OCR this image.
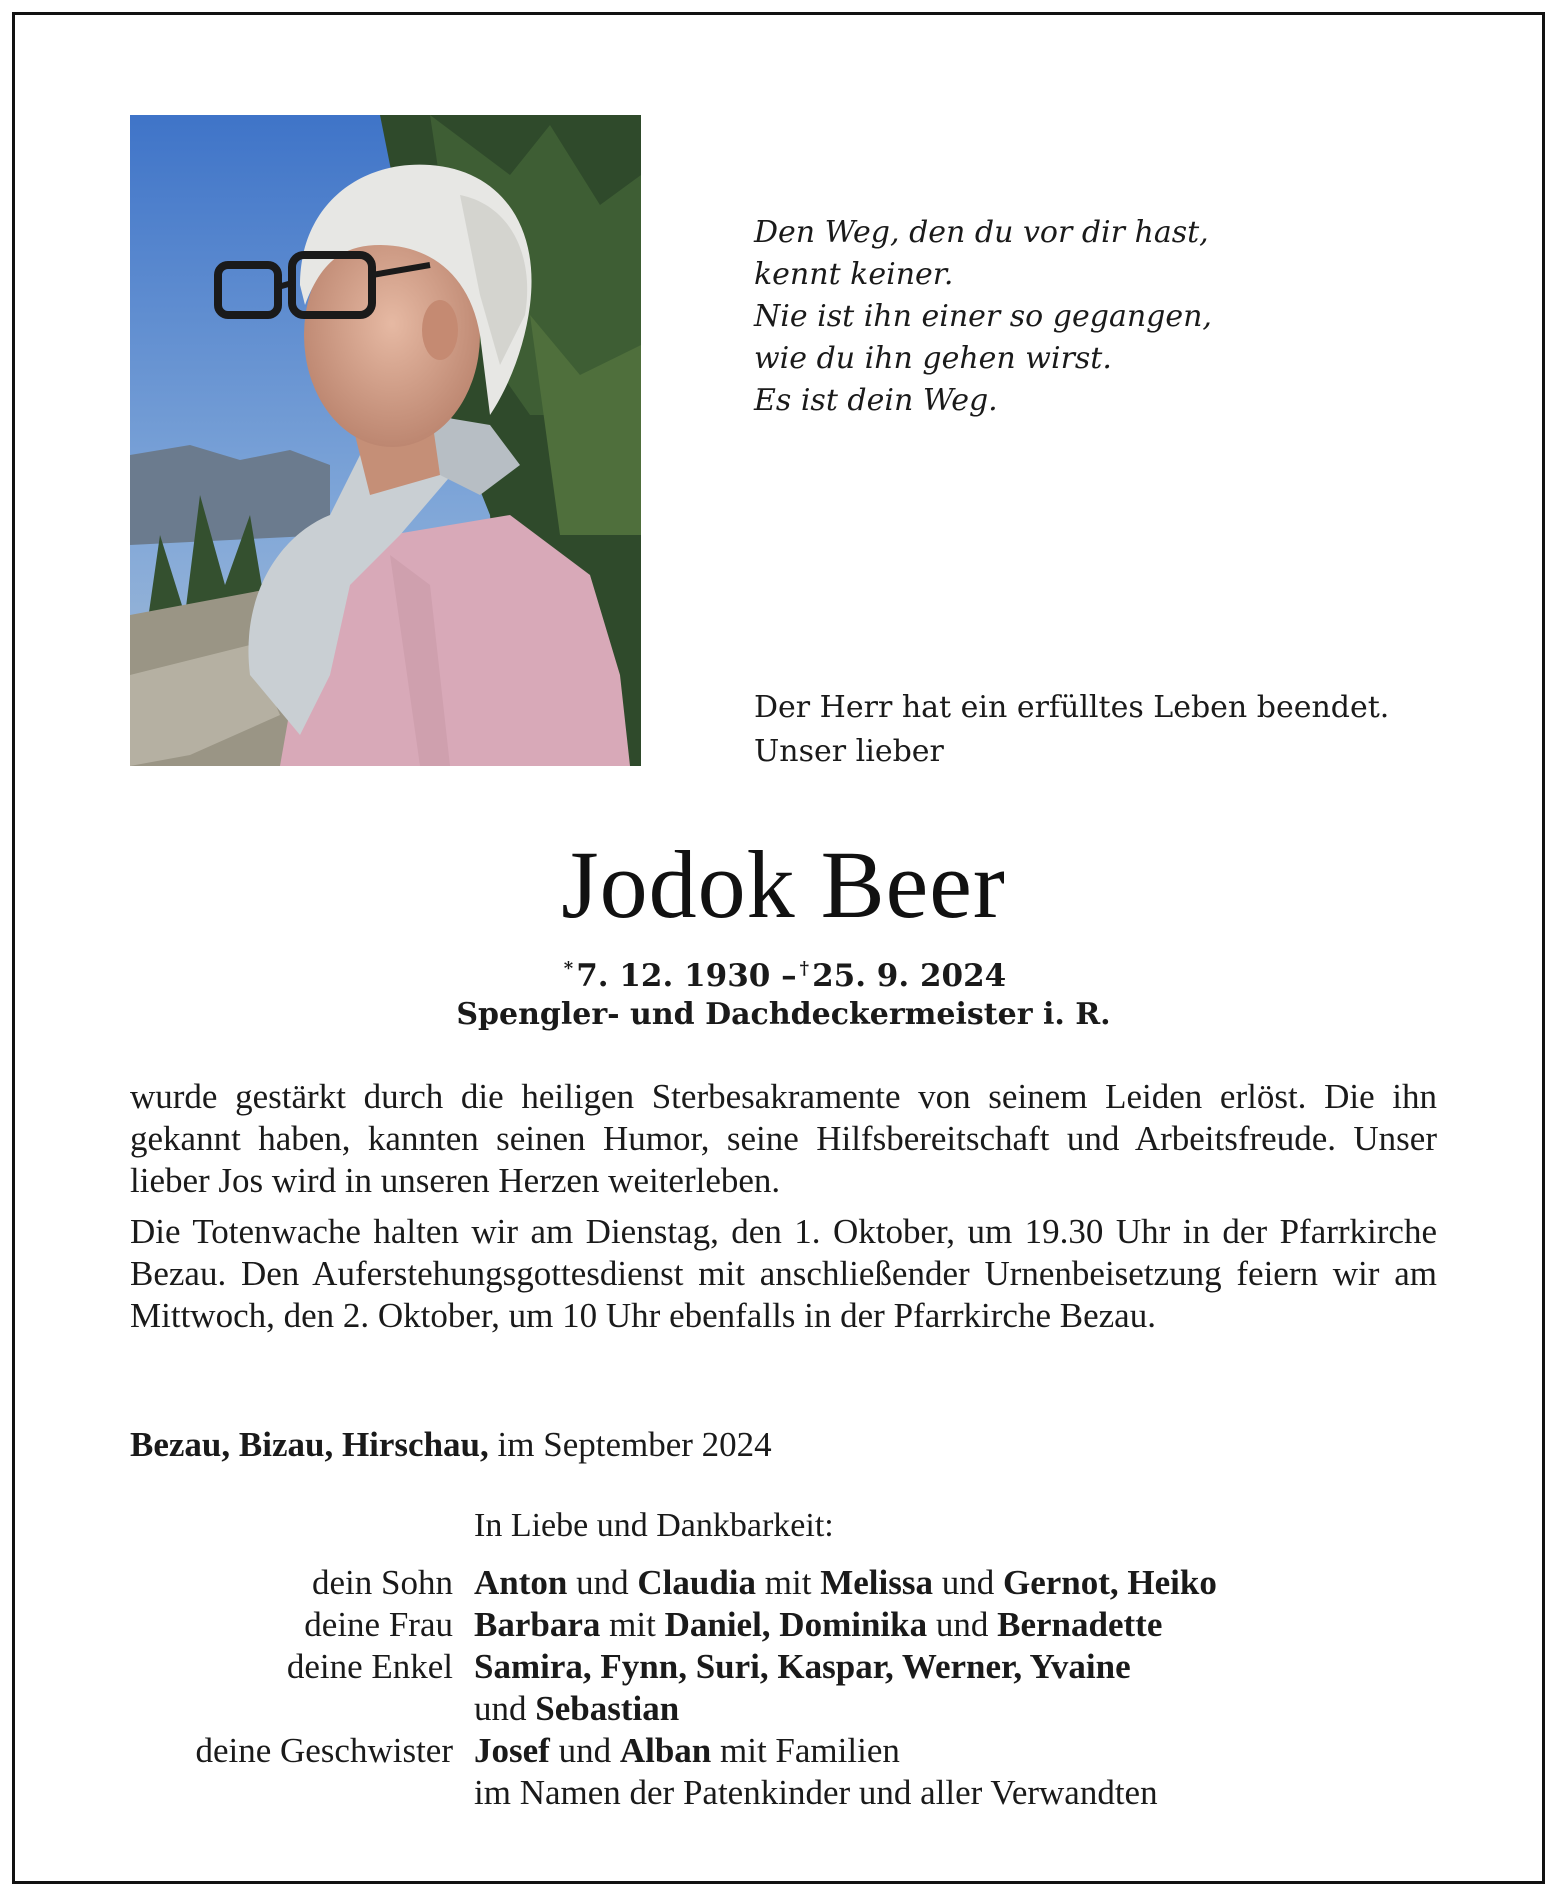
Den Weg, den du vor dir hast,
kennt keiner.
Nie ist ihn einer so gegangen,
wie du ihn gehen wirst.
Es ist dein Weg.
Der Herr hat ein erfülltes Leben beendet.
Unser lieber
Jodok Beer
*7. 12. 1930 – †25. 9. 2024
Spengler- und Dachdeckermeister i. R.
wurde gestärkt durch die heiligen Sterbesakramente von seinem Leiden erlöst. Die ihn gekannt haben, kannten seinen Humor, seine Hilfsbereitschaft und Arbeitsfreude. Unser lieber Jos wird in unseren Herzen weiterleben.
Die Totenwache halten wir am Dienstag, den 1. Oktober, um 19.30 Uhr in der Pfarrkirche Bezau. Den Auferstehungsgottesdienst mit anschließender Urnenbeisetzung feiern wir am Mittwoch, den 2. Oktober, um 10 Uhr ebenfalls in der Pfarrkirche Bezau.
Bezau, Bizau, Hirschau, im September 2024
In Liebe und Dankbarkeit:
dein Sohn Anton und Claudia mit Melissa und Gernot, Heiko
deine Frau Barbara mit Daniel, Dominika und Bernadette
deine Enkel Samira, Fynn, Suri, Kaspar, Werner, Yvaine
und Sebastian
deine Geschwister Josef und Alban mit Familien
im Namen der Patenkinder und aller Verwandten
